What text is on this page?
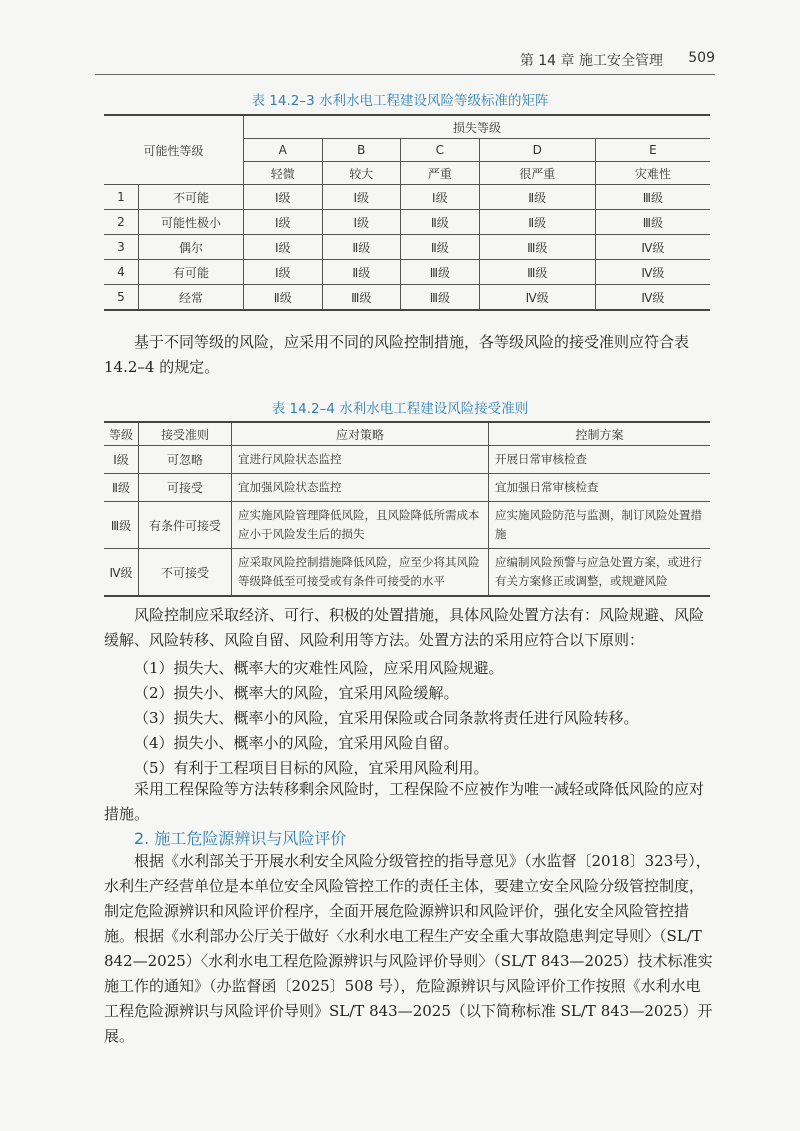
第 14 章 施工安全管理 509
表 14.2–3 水利水电工程建设风险等级标准的矩阵
可能性等级		损失等级				
		A	B	C	D	E
		轻微	较大	严重	很严重	灾难性
1	不可能	Ⅰ级	Ⅰ级	Ⅰ级	Ⅱ级	Ⅲ级
2	可能性极小	Ⅰ级	Ⅰ级	Ⅱ级	Ⅱ级	Ⅲ级
3	偶尔	Ⅰ级	Ⅱ级	Ⅱ级	Ⅲ级	Ⅳ级
4	有可能	Ⅰ级	Ⅱ级	Ⅲ级	Ⅲ级	Ⅳ级
5	经常	Ⅱ级	Ⅲ级	Ⅲ级	Ⅳ级	Ⅳ级

基于不同等级的风险，应采用不同的风险控制措施，各等级风险的接受准则应符合表 14.2–4 的规定。

表 14.2–4 水利水电工程建设风险接受准则
等级	接受准则	应对策略	控制方案
Ⅰ级	可忽略	宜进行风险状态监控	开展日常审核检查
Ⅱ级	可接受	宜加强风险状态监控	宜加强日常审核检查
Ⅲ级	有条件可接受	应实施风险管理降低风险，且风险降低所需成本应小于风险发生后的损失	应实施风险防范与监测，制订风险处置措施
Ⅳ级	不可接受	应采取风险控制措施降低风险，应至少将其风险等级降低至可接受或有条件可接受的水平	应编制风险预警与应急处置方案，或进行有关方案修正或调整，或规避风险

风险控制应采取经济、可行、积极的处置措施，具体风险处置方法有：风险规避、风险缓解、风险转移、风险自留、风险利用等方法。处置方法的采用应符合以下原则：

（1）损失大、概率大的灾难性风险，应采用风险规避。
（2）损失小、概率大的风险，宜采用风险缓解。
（3）损失大、概率小的风险，宜采用保险或合同条款将责任进行风险转移。
（4）损失小、概率小的风险，宜采用风险自留。
（5）有利于工程项目目标的风险，宜采用风险利用。

采用工程保险等方法转移剩余风险时，工程保险不应被作为唯一减轻或降低风险的应对措施。

2. 施工危险源辨识与风险评价

根据《水利部关于开展水利安全风险分级管控的指导意见》（水监督〔2018〕323号），水利生产经营单位是本单位安全风险管控工作的责任主体，要建立安全风险分级管控制度，制定危险源辨识和风险评价程序，全面开展危险源辨识和风险评价，强化安全风险管控措施。根据《水利部办公厅关于做好〈水利水电工程生产安全重大事故隐患判定导则〉（SL/T 842—2025）〈水利水电工程危险源辨识与风险评价导则〉（SL/T 843—2025）技术标准实施工作的通知》（办监督函〔2025〕508 号），危险源辨识与风险评价工作按照《水利水电工程危险源辨识与风险评价导则》SL/T 843—2025（以下简称标准 SL/T 843—2025）开展。
